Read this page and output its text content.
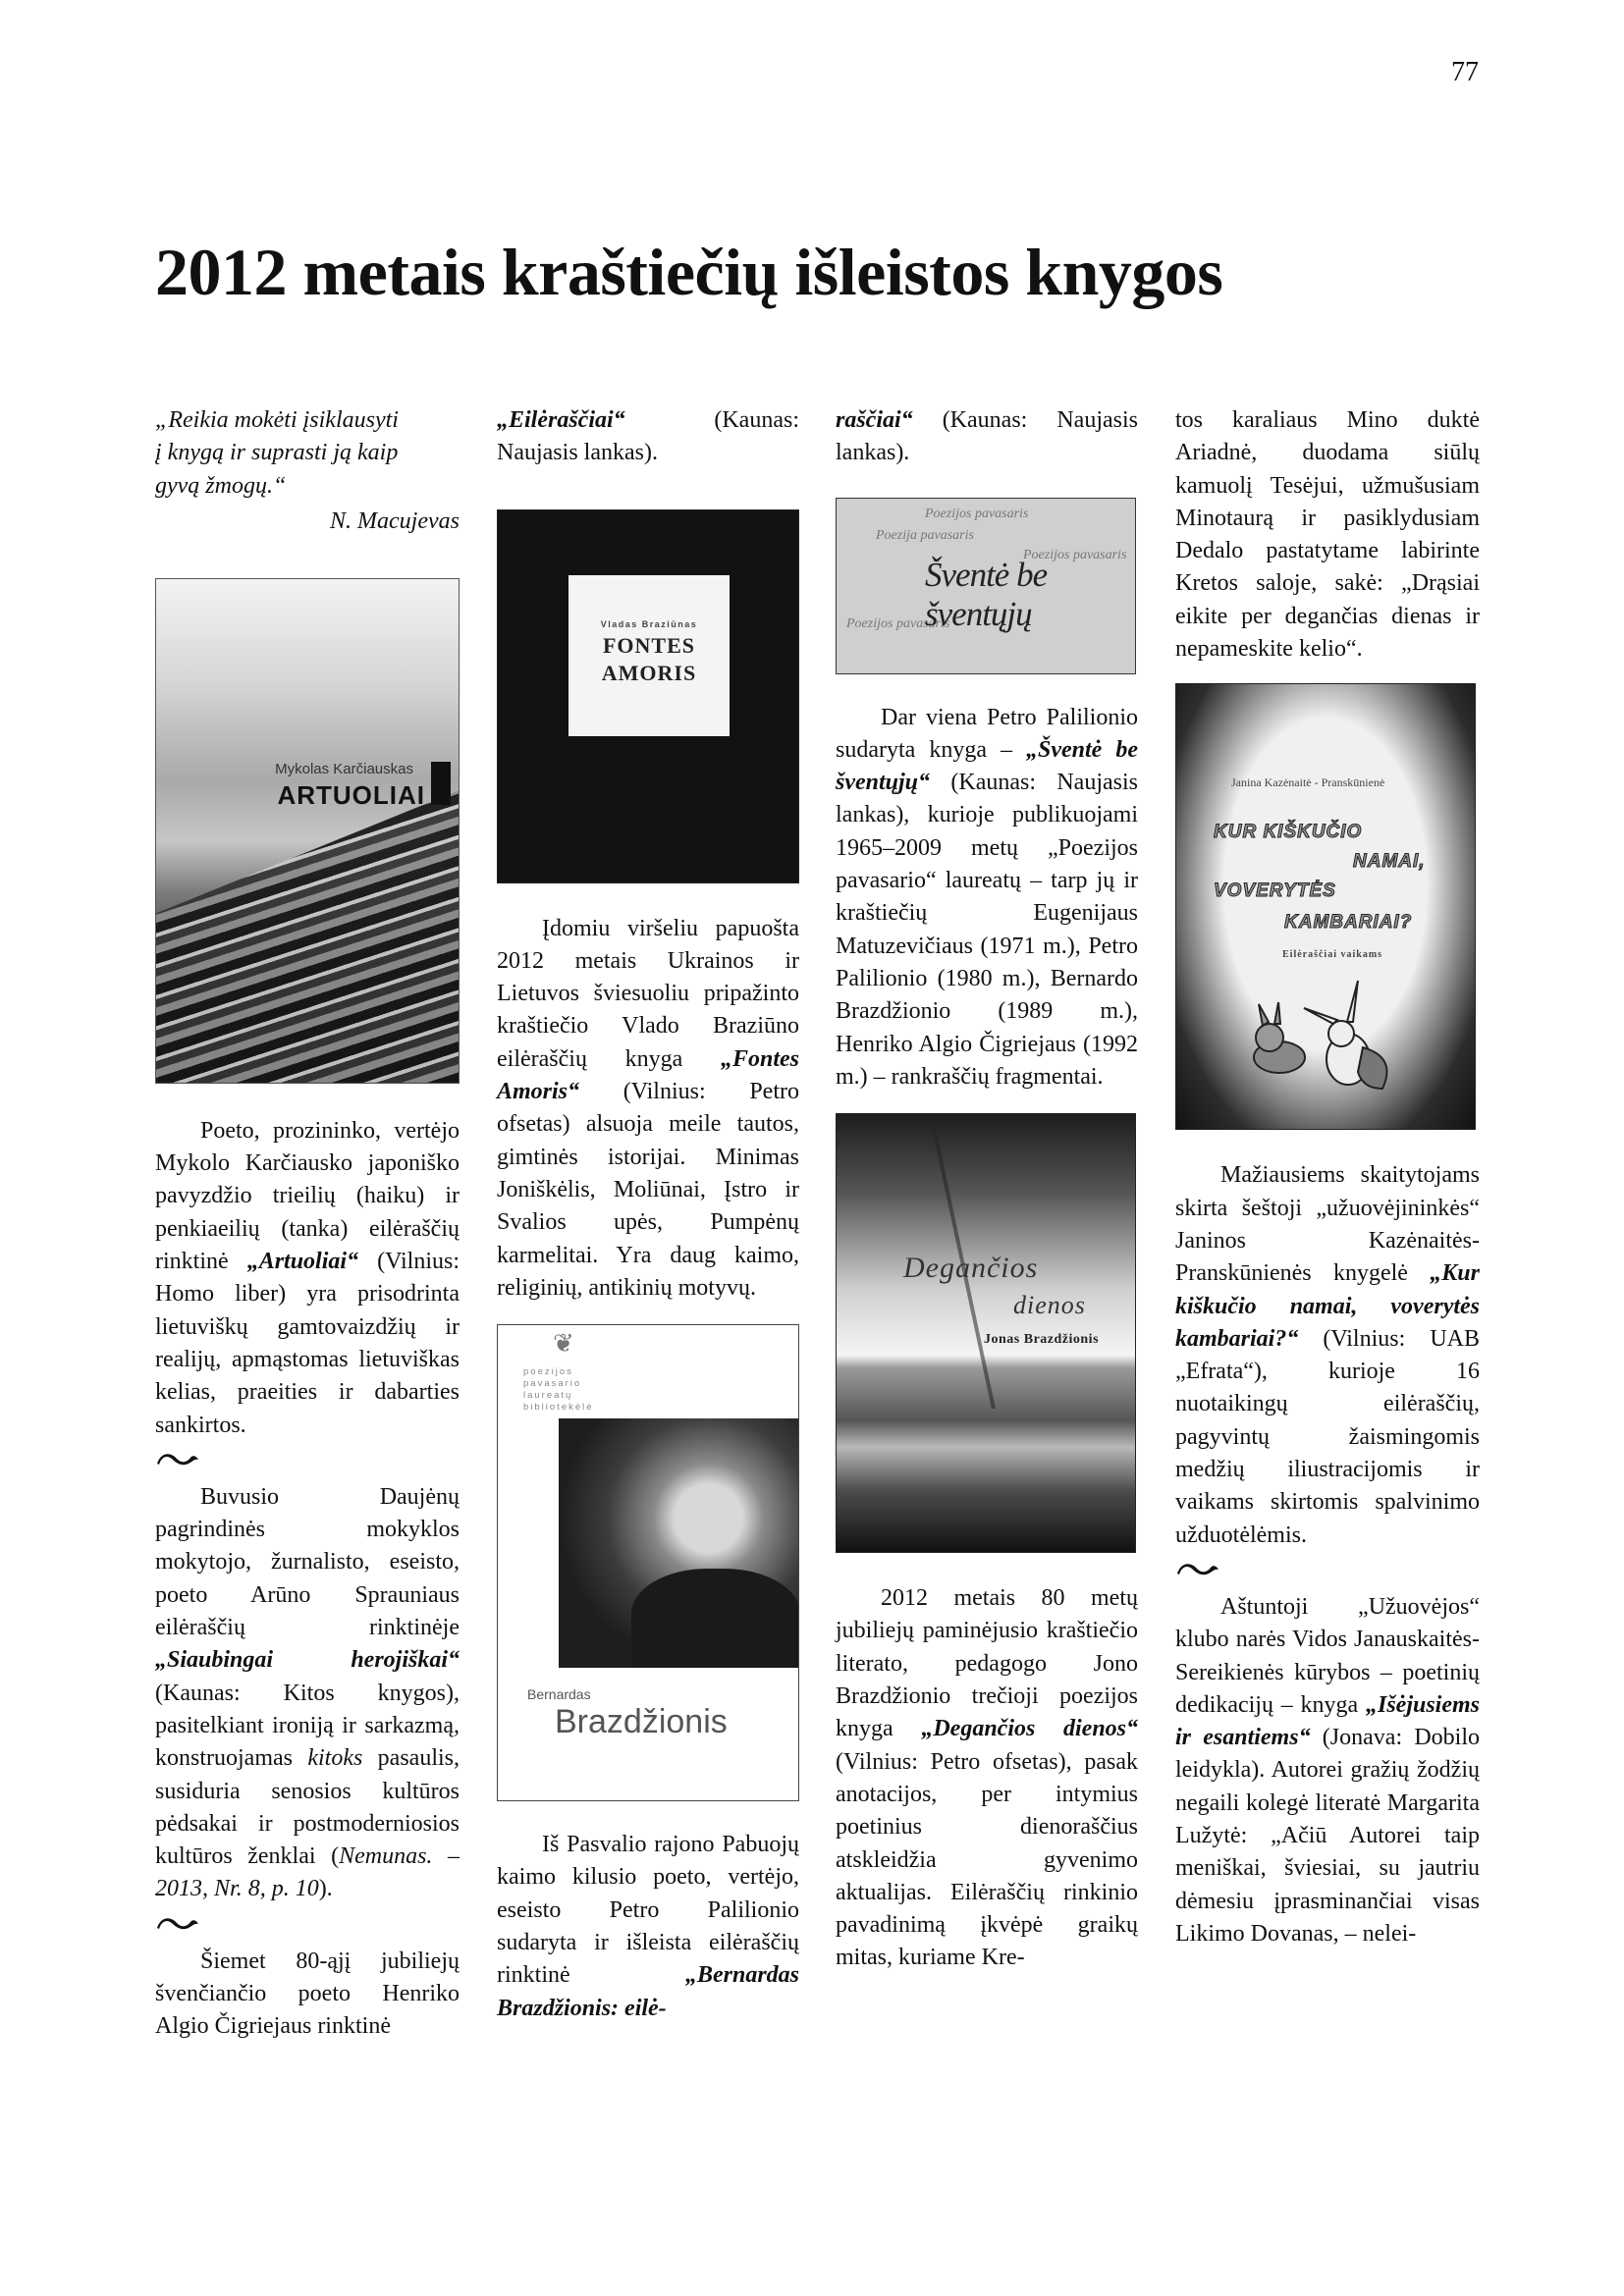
77
2012 metais kraštiečių išleistos knygos
„Reikia mokėti įsiklausyti
į knygą ir suprasti ją kaip
gyvą žmogų.“
N. Macujevas
Mykolas Karčiauskas
ARTUOLIAI

Poeto, prozininko, vertėjo Mykolo Karčiausko japoniško pavyzdžio trieilių (haiku) ir penkiaeilių (tanka) eilėraščių rinktinė „Artuoliai“ (Vilnius: Homo liber) yra prisodrinta lietuviškų gamtovaizdžių ir realijų, apmąstomas lietuviškas kelias, praeities ir dabarties sankirtos.

Buvusio Daujėnų pagrindinės mokyklos mokytojo, žurnalisto, eseisto, poeto Arūno Sprauniaus eilėraščių rinktinėje „Siaubingai herojiškai“ (Kaunas: Kitos knygos), pasitelkiant ironiją ir sarkazmą, konstruojamas kitoks pasaulis, susiduria senosios kultūros pėdsakai ir postmoderniosios kultūros ženklai (Nemunas. – 2013, Nr. 8, p. 10).

Šiemet 80-ąjį jubiliejų švenčiančio poeto Henriko Algio Čigriejaus rinktinė

„Eilėraščiai“ (Kaunas: Naujasis lankas).

Vladas Braziūnas
FONTES
AMORIS

Įdomiu viršeliu papuošta 2012 metais Ukrainos ir Lietuvos šviesuoliu pripažinto kraštiečio Vlado Braziūno eilėraščių knyga „Fontes Amoris“ (Vilnius: Petro ofsetas) alsuoja meile tautos, gimtinės istorijai. Minimas Joniškėlis, Moliūnai, Įstro ir Svalios upės, Pumpėnų karmelitai. Yra daug kaimo, religinių, antikinių motyvų.

❦
poezijos
pavasario
laureatų
bibliotekėlė
Bernardas
Brazdžionis

Iš Pasvalio rajono Pabuojų kaimo kilusio poeto, vertėjo, eseisto Petro Palilionio sudaryta ir išleista eilėraščių rinktinė „Bernardas Brazdžionis: eilė-

raščiai“ (Kaunas: Naujasis lankas).

Poezijos pavasaris
Poezija pavasaris
Poezijos pavasaris
Poezijos pavasaris
Šventė be šventųjų

Dar viena Petro Palilionio sudaryta knyga – „Šventė be šventųjų“ (Kaunas: Naujasis lankas), kurioje publikuojami 1965–2009 metų „Poezijos pavasario“ laureatų – tarp jų ir kraštiečių Eugenijaus Matuzevičiaus (1971 m.), Petro Palilionio (1980 m.), Bernardo Brazdžionio (1989 m.), Henriko Algio Čigriejaus (1992 m.) – rankraščių fragmentai.

Degančios
dienos
Jonas Brazdžionis

2012 metais 80 metų jubiliejų paminėjusio kraštiečio literato, pedagogo Jono Brazdžionio trečioji poezijos knyga „Degančios dienos“ (Vilnius: Petro ofsetas), pasak anotacijos, per intymius poetinius dienoraščius atskleidžia gyvenimo aktualijas. Eilėraščių rinkinio pavadinimą įkvėpė graikų mitas, kuriame Kre-

tos karaliaus Mino duktė Ariadnė, duodama siūlų kamuolį Tesėjui, užmušusiam Minotaurą ir pasiklydusiam Dedalo pastatytame labirinte Kretos saloje, sakė: „Drąsiai eikite per degančias dienas ir nepameskite kelio“.

Janina Kazėnaitė - Pranskūnienė
KUR KIŠKUČIO
NAMAI,
VOVERYTĖS
KAMBARIAI?
Eilėraščiai vaikams

Mažiausiems skaitytojams skirta šeštoji „užuovėjininkės“ Janinos Kazėnaitės-Pranskūnienės knygelė „Kur kiškučio namai, voverytės kambariai?“ (Vilnius: UAB „Efrata“), kurioje 16 nuotaikingų eilėraščių, pagyvintų žaismingomis medžių iliustracijomis ir vaikams skirtomis spalvinimo užduotėlėmis.

Aštuntoji „Užuovėjos“ klubo narės Vidos Janauskaitės-Sereikienės kūrybos – poetinių dedikacijų – knyga „Išėjusiems ir esantiems“ (Jonava: Dobilo leidykla). Autorei gražių žodžių negaili kolegė literatė Margarita Lužytė: „Ačiū Autorei taip meniškai, šviesiai, su jautriu dėmesiu įprasminančiai visas Likimo Dovanas, – nelei-
